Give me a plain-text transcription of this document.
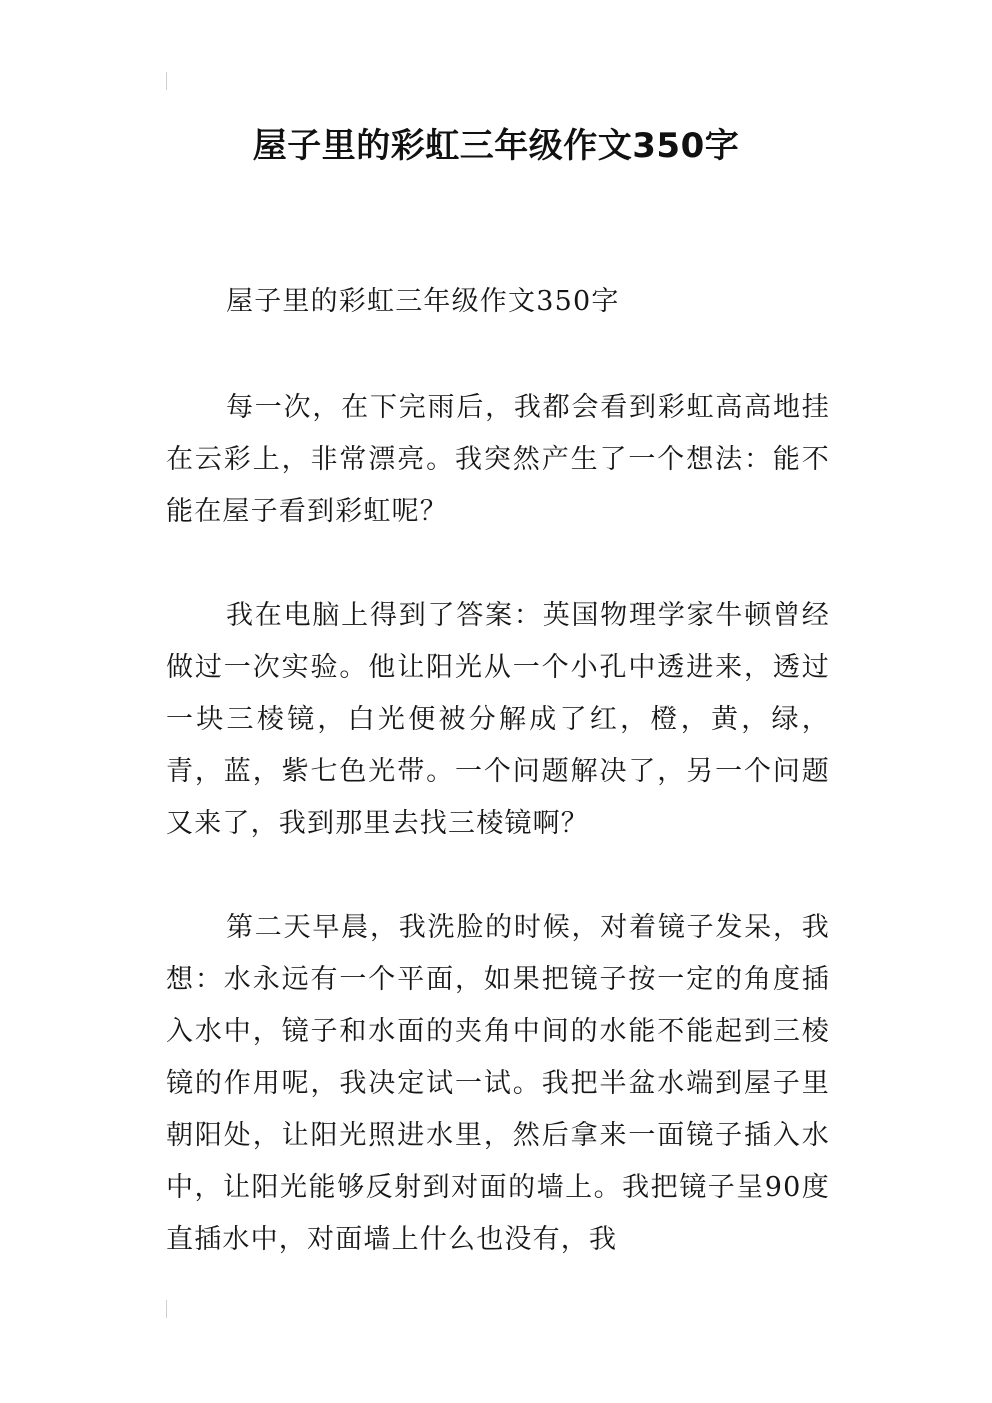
屋子里的彩虹三年级作文350字

屋子里的彩虹三年级作文350字

每一次，在下完雨后，我都会看到彩虹高高地挂在云彩上，非常漂亮。我突然产生了一个想法：能不能在屋子看到彩虹呢？

我在电脑上得到了答案：英国物理学家牛顿曾经做过一次实验。他让阳光从一个小孔中透进来，透过一块三棱镜，白光便被分解成了红，橙，黄，绿，青，蓝，紫七色光带。一个问题解决了，另一个问题又来了，我到那里去找三棱镜啊？

第二天早晨，我洗脸的时候，对着镜子发呆，我想：水永远有一个平面，如果把镜子按一定的角度插入水中，镜子和水面的夹角中间的水能不能起到三棱镜的作用呢，我决定试一试。我把半盆水端到屋子里朝阳处，让阳光照进水里，然后拿来一面镜子插入水中，让阳光能够反射到对面的墙上。我把镜子呈90度直插水中，对面墙上什么也没有，我
